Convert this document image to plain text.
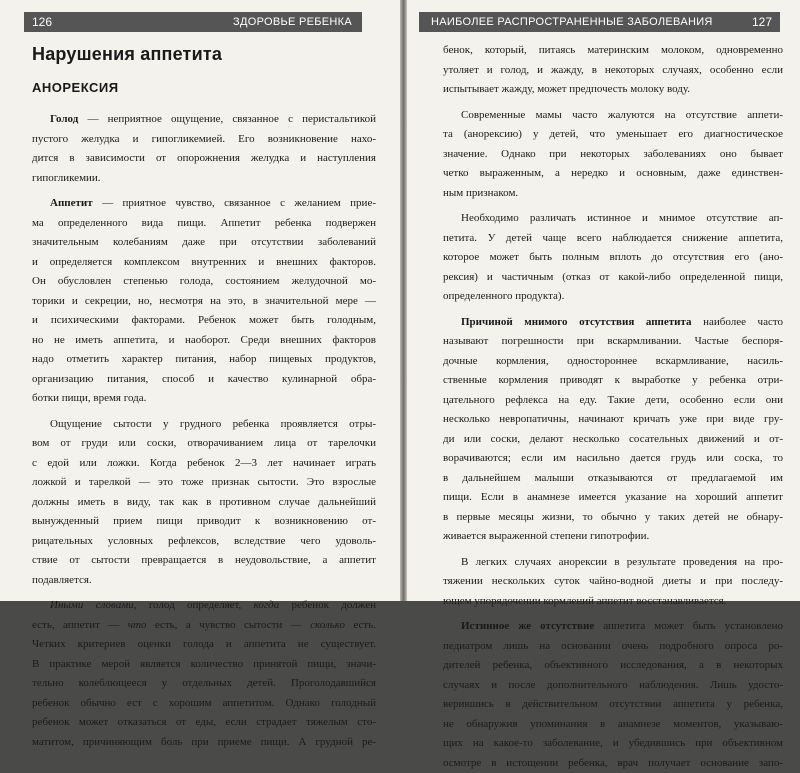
126	ЗДОРОВЬЕ РЕБЕНКА
Нарушения аппетита
АНОРЕКСИЯ
Голод — неприятное ощущение, связанное с перистальтикой
пустого желудка и гипогликемией. Его возникновение нахо-
дится в зависимости от опорожнения желудка и наступления
гипогликемии.
Аппетит — приятное чувство, связанное с желанием прие-
ма определенного вида пищи. Аппетит ребенка подвержен
значительным колебаниям даже при отсутствии заболеваний
и определяется комплексом внутренних и внешних факторов.
Он обусловлен степенью голода, состоянием желудочной мо-
торики и секреции, но, несмотря на это, в значительной мере —
и психическими факторами. Ребенок может быть голодным,
но не иметь аппетита, и наоборот. Среди внешних факторов
надо отметить характер питания, набор пищевых продуктов,
организацию питания, способ и качество кулинарной обра-
ботки пищи, время года.
Ощущение сытости у грудного ребенка проявляется отры-
вом от груди или соски, отворачиванием лица от тарелочки
с едой или ложки. Когда ребенок 2—3 лет начинает играть
ложкой и тарелкой — это тоже признак сытости. Это взрослые
должны иметь в виду, так как в противном случае дальнейший
вынужденный прием пищи приводит к возникновению от-
рицательных условных рефлексов, вследствие чего удоволь-
ствие от сытости превращается в неудовольствие, а аппетит
подавляется.
Иными словами, голод определяет, когда ребенок должен
есть, аппетит — что есть, а чувство сытости — сколько есть.
Четких критериев оценки голода и аппетита не существует.
В практике мерой является количество принятой пищи, значи-
тельно колеблющееся у отдельных детей. Проголодавшийся
ребенок обычно ест с хорошим аппетитом. Однако голодный
ребенок может отказаться от еды, если страдает тяжелым сто-
матитом, причиняющим боль при приеме пищи. А грудной ре-
НАИБОЛЕЕ РАСПРОСТРАНЕННЫЕ ЗАБОЛЕВАНИЯ	127
бенок, который, питаясь материнским молоком, одновременно
утоляет и голод, и жажду, в некоторых случаях, особенно если
испытывает жажду, может предпочесть молоку воду.
Современные мамы часто жалуются на отсутствие аппети-
та (анорексию) у детей, что уменьшает его диагностическое
значение. Однако при некоторых заболеваниях оно бывает
четко выраженным, а нередко и основным, даже единствен-
ным признаком.
Необходимо различать истинное и мнимое отсутствие ап-
петита. У детей чаще всего наблюдается снижение аппетита,
которое может быть полным вплоть до отсутствия его (ано-
рексия) и частичным (отказ от какой-либо определенной пищи,
определенного продукта).
Причиной мнимого отсутствия аппетита наиболее часто
называют погрешности при вскармливании. Частые беспоря-
дочные кормления, одностороннее вскармливание, насиль-
ственные кормления приводят к выработке у ребенка отри-
цательного рефлекса на еду. Такие дети, особенно если они
несколько невропатичны, начинают кричать уже при виде гру-
ди или соски, делают несколько сосательных движений и от-
ворачиваются; если им насильно дается грудь или соска, то
в дальнейшем малыши отказываются от предлагаемой им
пищи. Если в анамнезе имеется указание на хороший аппетит
в первые месяцы жизни, то обычно у таких детей не обнару-
живается выраженной степени гипотрофии.
В легких случаях анорексии в результате проведения на про-
тяжении нескольких суток чайно-водной диеты и при последу-
ющем упорядочении кормлений аппетит восстанавливается.
Истинное же отсутствие аппетита может быть установлено
педиатром лишь на основании очень подробного опроса ро-
дителей ребенка, объективного исследования, а в некоторых
случаях и после дополнительного наблюдения. Лишь удосто-
верившись в действительном отсутствии аппетита у ребенка,
не обнаружив упоминания в анамнезе моментов, указываю-
щих на какое-то заболевание, и убедившись при объективном
осмотре в истощении ребенка, врач получает основание запо-
